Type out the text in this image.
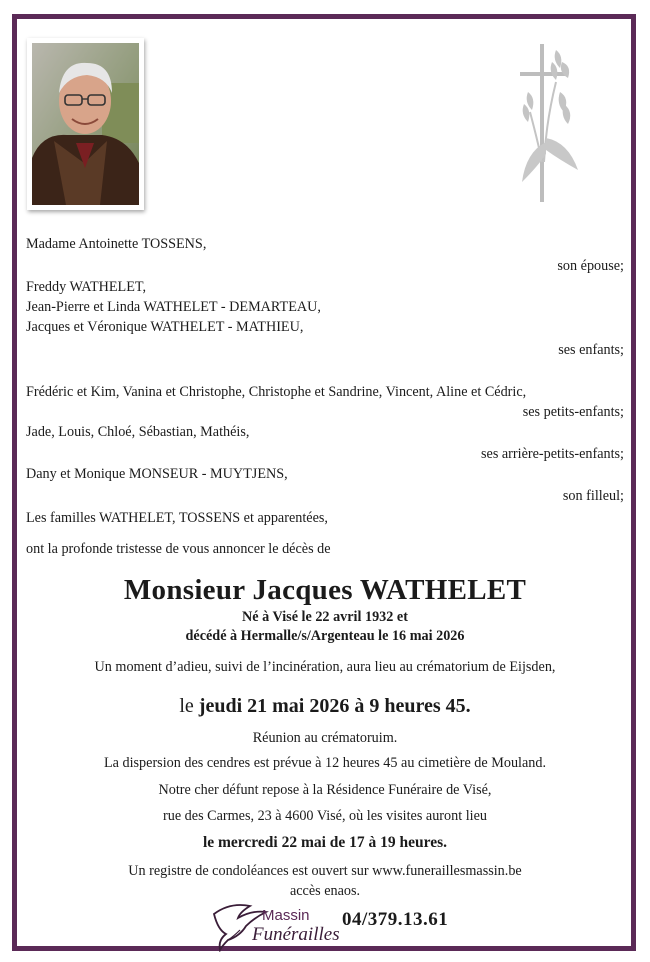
Madame Antoinette TOSSENS,
son épouse;
Freddy WATHELET,
Jean-Pierre et Linda WATHELET - DEMARTEAU,
Jacques et Véronique WATHELET - MATHIEU,
ses enfants;
Frédéric et Kim, Vanina et Christophe, Christophe et Sandrine, Vincent, Aline et Cédric,
ses petits-enfants;
Jade, Louis, Chloé, Sébastian, Mathéis,
ses arrière-petits-enfants;
Dany et Monique MONSEUR - MUYTJENS,
son filleul;
Les familles WATHELET, TOSSENS et apparentées,
ont la profonde tristesse de vous annoncer le décès de
Monsieur Jacques WATHELET
Né à Visé le 22 avril 1932 et
décédé à Hermalle/s/Argenteau le 16 mai 2026
Un moment d’adieu, suivi de l’incinération, aura lieu au crématorium de Eijsden,
le jeudi 21 mai 2026 à 9 heures 45.
Réunion au crématoruim.
La dispersion des cendres est prévue à 12 heures 45 au cimetière de Mouland.
Notre cher défunt repose à la Résidence Funéraire de Visé,
rue des Carmes, 23 à 4600 Visé, où les visites auront lieu
le mercredi 22 mai de 17 à 19 heures.
Un registre de condoléances est ouvert sur www.funeraillesmassin.be
accès enaos.
Massin
Funérailles
04/379.13.61
